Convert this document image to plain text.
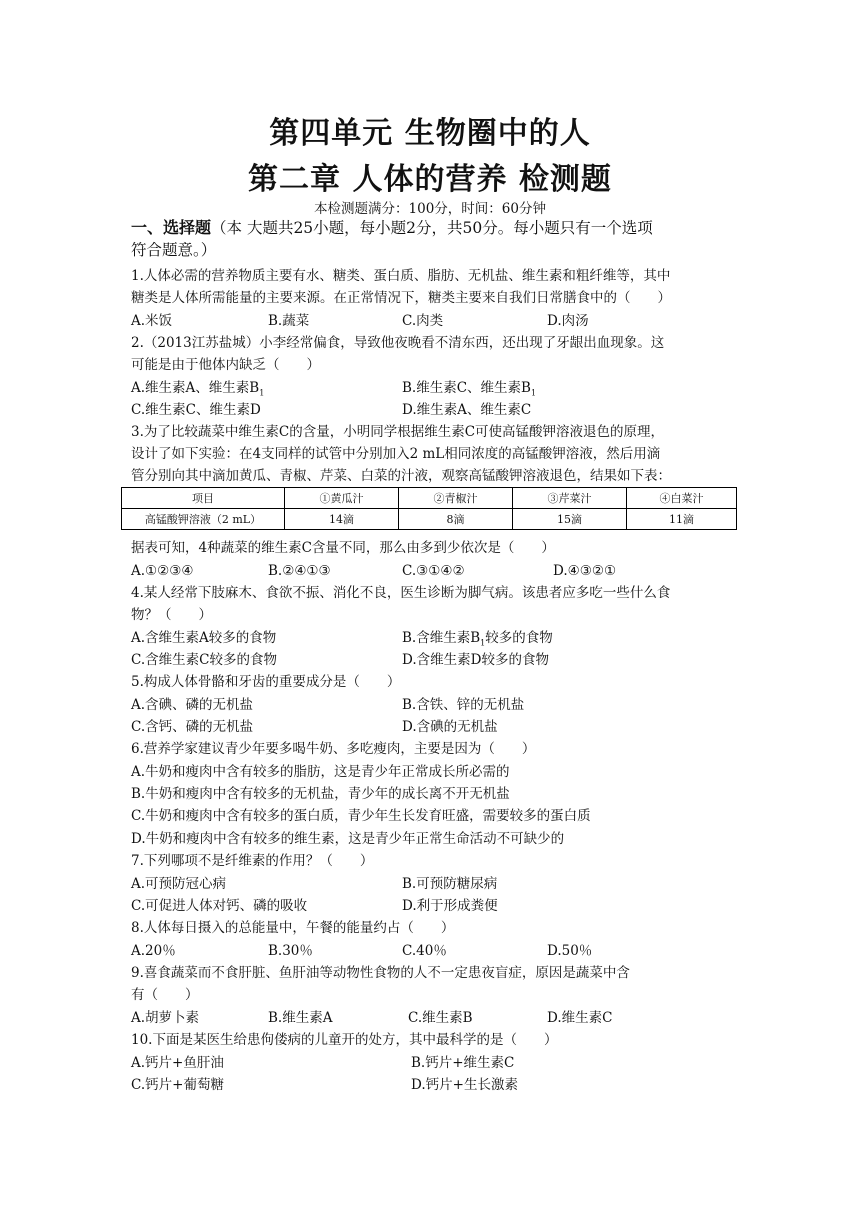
第四单元 生物圈中的人
第二章 人体的营养 检测题
本检测题满分：100分，时间：60分钟
一、选择题（本 大题共25小题，每小题2分，共50分。每小题只有一个选项
符合题意。）
1.人体必需的营养物质主要有水、糖类、蛋白质、脂肪、无机盐、维生素和粗纤维等，其中
糖类是人体所需能量的主要来源。在正常情况下，糖类主要来自我们日常膳食中的（　　）
A.米饭	B.蔬菜	C.肉类	D.肉汤
2.（2013江苏盐城）小李经常偏食，导致他夜晚看不清东西，还出现了牙龈出血现象。这
可能是由于他体内缺乏（　　）
A.维生素A、维生素$B_1$	B.维生素C、维生素$B_1$
C.维生素C、维生素D	D.维生素A、维生素C
3.为了比较蔬菜中维生素C的含量，小明同学根据维生素C可使高锰酸钾溶液退色的原理，
设计了如下实验：在4支同样的试管中分别加入2 mL相同浓度的高锰酸钾溶液，然后用滴
管分别向其中滴加黄瓜、青椒、芹菜、白菜的汁液，观察高锰酸钾溶液退色，结果如下表：
项目	①黄瓜汁	②青椒汁	③芹菜汁	④白菜汁
高锰酸钾溶液（2 mL）	14滴	8滴	15滴	11滴
据表可知，4种蔬菜的维生素C含量不同，那么由多到少依次是（　　）
A.①②③④	B.②④①③	C.③①④②	D.④③②①
4.某人经常下肢麻木、食欲不振、消化不良，医生诊断为脚气病。该患者应多吃一些什么食
物？（　　）
A.含维生素A较多的食物	B.含维生素$B_1$较多的食物
C.含维生素C较多的食物	D.含维生素D较多的食物
5.构成人体骨骼和牙齿的重要成分是（　　）
A.含碘、磷的无机盐	B.含铁、锌的无机盐
C.含钙、磷的无机盐	D.含碘的无机盐
6.营养学家建议青少年要多喝牛奶、多吃瘦肉，主要是因为（　　）
A.牛奶和瘦肉中含有较多的脂肪，这是青少年正常成长所必需的
B.牛奶和瘦肉中含有较多的无机盐，青少年的成长离不开无机盐
C.牛奶和瘦肉中含有较多的蛋白质，青少年生长发育旺盛，需要较多的蛋白质
D.牛奶和瘦肉中含有较多的维生素，这是青少年正常生命活动不可缺少的
7.下列哪项不是纤维素的作用？（　　）
A.可预防冠心病	B.可预防糖尿病
C.可促进人体对钙、磷的吸收	D.利于形成粪便
8.人体每日摄入的总能量中，午餐的能量约占（　　）
A.20％	B.30％	C.40％	D.50％
9.喜食蔬菜而不食肝脏、鱼肝油等动物性食物的人不一定患夜盲症，原因是蔬菜中含
有（　　）
A.胡萝卜素	B.维生素A	C.维生素B	D.维生素C
10.下面是某医生给患佝偻病的儿童开的处方，其中最科学的是（　　）
A.钙片+鱼肝油	B.钙片+维生素C
C.钙片+葡萄糖	D.钙片+生长激素
